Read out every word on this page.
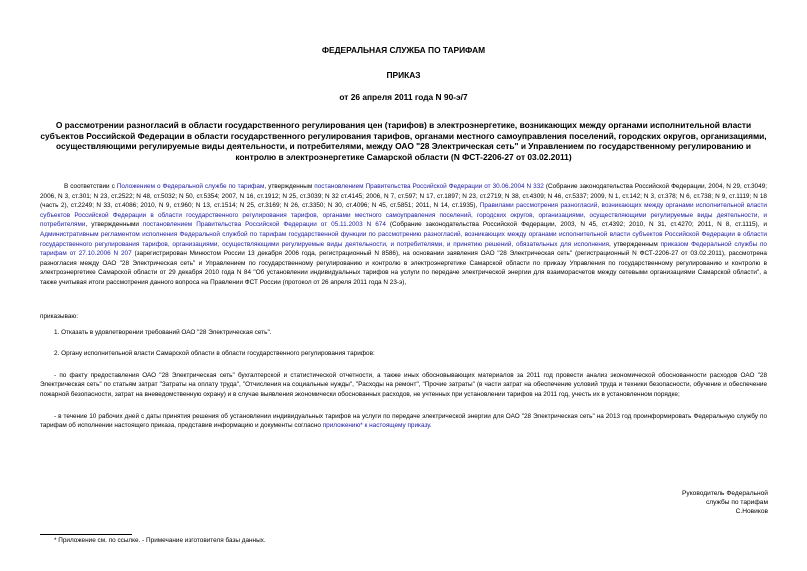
ФЕДЕРАЛЬНАЯ СЛУЖБА ПО ТАРИФАМ
ПРИКАЗ
от 26 апреля 2011 года N 90-э/7
О рассмотрении разногласий в области государственного регулирования цен (тарифов) в электроэнергетике, возникающих между органами исполнительной власти субъектов Российской Федерации в области государственного регулирования тарифов, органами местного самоуправления поселений, городских округов, организациями, осуществляющими регулируемые виды деятельности, и потребителями, между ОАО "28 Электрическая сеть" и Управлением по государственному регулированию и контролю в электроэнергетике Самарской области (N ФСТ-2206-27 от 03.02.2011)

В соответствии с Положением о Федеральной службе по тарифам, утвержденным постановлением Правительства Российской Федерации от 30.06.2004 N 332 (Собрание законодательства Российской Федерации, 2004, N 29, ст.3049; 2006, N 3, ст.301; N 23, ст.2522; N 48, ст.5032; N 50, ст.5354; 2007, N 16, ст.1912; N 25, ст.3039; N 32 ст.4145; 2006, N 7, ст.597; N 17, ст.1897; N 23, ст.2719; N 38, ст.4309; N 46, ст.5337; 2009, N 1, ст.142; N 3, ст.378; N 6, ст.738; N 9, ст.1119; N 18 (часть 2), ст.2249; N 33, ст.4086; 2010, N 9, ст.960; N 13, ст.1514; N 25, ст.3169; N 26, ст.3350; N 30, ст.4096; N 45, ст.5851; 2011, N 14, ст.1935), Правилами рассмотрения разногласий, возникающих между органами исполнительной власти субъектов Российской Федерации в области государственного регулирования тарифов, органами местного самоуправления поселений, городских округов, организациями, осуществляющими регулируемые виды деятельности, и потребителями, утвержденными постановлением Правительства Российской Федерации от 05.11.2003 N 674 (Собрание законодательства Российской Федерации, 2003, N 45, ст.4392; 2010, N 31, ст.4270; 2011, N 8, ст.1115), и Административным регламентом исполнения Федеральной службой по тарифам государственной функции по рассмотрению разногласий, возникающих между органами исполнительной власти субъектов Российской Федерации в области государственного регулирования тарифов, организациями, осуществляющими регулируемые виды деятельности, и потребителями, и принятию решений, обязательных для исполнения, утвержденным приказом Федеральной службы по тарифам от 27.10.2006 N 207 (зарегистрирован Минюстом России 13 декабря 2006 года, регистрационный N 8586), на основании заявления ОАО "28 Электрическая сеть" (регистрационный N ФСТ-2206-27 от 03.02.2011), рассмотрена разногласия между ОАО "28 Электрическая сеть" и Управлением по государственному регулированию и контролю в электроэнергетике Самарской области по приказу Управления по государственному регулированию и контролю в электроэнергетике Самарской области от 29 декабря 2010 года N 84 "Об установлении индивидуальных тарифов на услуги по передаче электрической энергии для взаиморасчетов между сетевыми организациями Самарской области", а также учитывая итоги рассмотрения данного вопроса на Правлении ФСТ России (протокол от 26 апреля 2011 года N 23-э),

приказываю:

1. Отказать в удовлетворении требований ОАО "28 Электрическая сеть".

2. Органу исполнительной власти Самарской области в области государственного регулирования тарифов:

- по факту предоставления ОАО "28 Электрическая сеть" бухгалтерской и статистической отчетности, а также иных обосновывающих материалов за 2011 год провести анализ экономической обоснованности расходов ОАО "28 Электрическая сеть" по статьям затрат "Затраты на оплату труда", "Отчисления на социальные нужды", "Расходы на ремонт", "Прочие затраты" (в части затрат на обеспечение условий труда и техники безопасности, обучение и обеспечение пожарной безопасности, затрат на вневедомственную охрану) и в случае выявления экономически обоснованных расходов, не учтенных при установлении тарифов на 2011 год, учесть их в установленном порядке;

- в течение 10 рабочих дней с даты принятия решения об установлении индивидуальных тарифов на услуги по передаче электрической энергии для ОАО "28 Электрическая сеть" на 2013 год проинформировать Федеральную службу по тарифам об исполнении настоящего приказа, представив информацию и документы согласно приложению* к настоящему приказу.

* Приложение см. по ссылке. - Примечание изготовителя базы данных.
Руководитель Федеральной
службы по тарифам
С.Новиков
